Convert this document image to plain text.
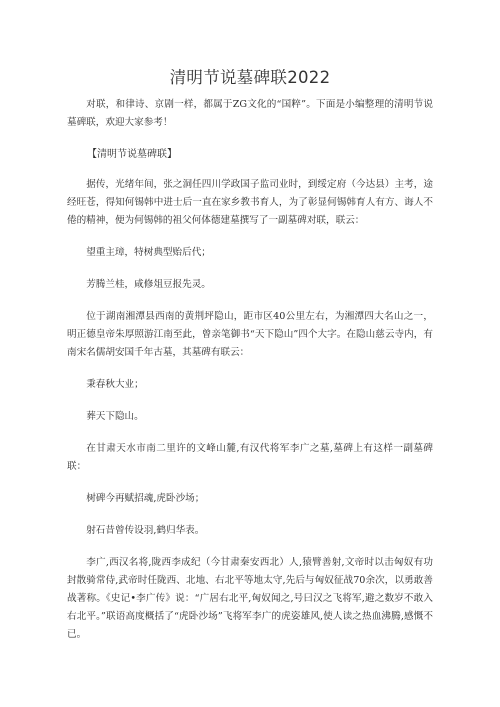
清明节说墓碑联2022

对联，和律诗、京剧一样，都属于ZG文化的“国粹”。下面是小编整理的清明节说墓碑联，欢迎大家参考！

【清明节说墓碑联】

据传，光绪年间，张之洞任四川学政国子监司业时，到绥定府（今达县）主考，途经旺苍，得知何锡韩中进士后一直在家乡教书育人，为了彰显何锡韩育人有方、诲人不倦的精神，便为何锡韩的祖父何体德建墓撰写了一副墓碑对联，联云：

望重主璋，特树典型贻后代；

芳腾兰桂，咸修俎豆报先灵。

位于湖南湘潭县西南的黄荆坪隐山，距市区40公里左右，为湘潭四大名山之一，明正德皇帝朱厚照游江南至此，曾亲笔御书“天下隐山”四个大字。在隐山慈云寺内，有南宋名儒胡安国千年古墓，其墓碑有联云：

秉春秋大业；

葬天下隐山。

在甘肃天水市南二里许的文峰山麓,有汉代将军李广之墓,墓碑上有这样一副墓碑联：

树碑今再赋招魂,虎卧沙场；

射石昔曾传设羽,鹤归华表。

李广,西汉名将,陇西李成纪（今甘肃秦安西北）人,猿臂善射,文帝时以击匈奴有功封散骑常侍,武帝时任陇西、北地、右北平等地太守,先后与匈奴征战70余次，以勇敢善战著称。《史记•李广传》说：“广居右北平,匈奴闻之,号曰汉之飞将军,避之数岁不敢入右北平。”联语高度概括了“虎卧沙场”飞将军李广的虎姿雄风,使人读之热血沸腾,感慨不已。
